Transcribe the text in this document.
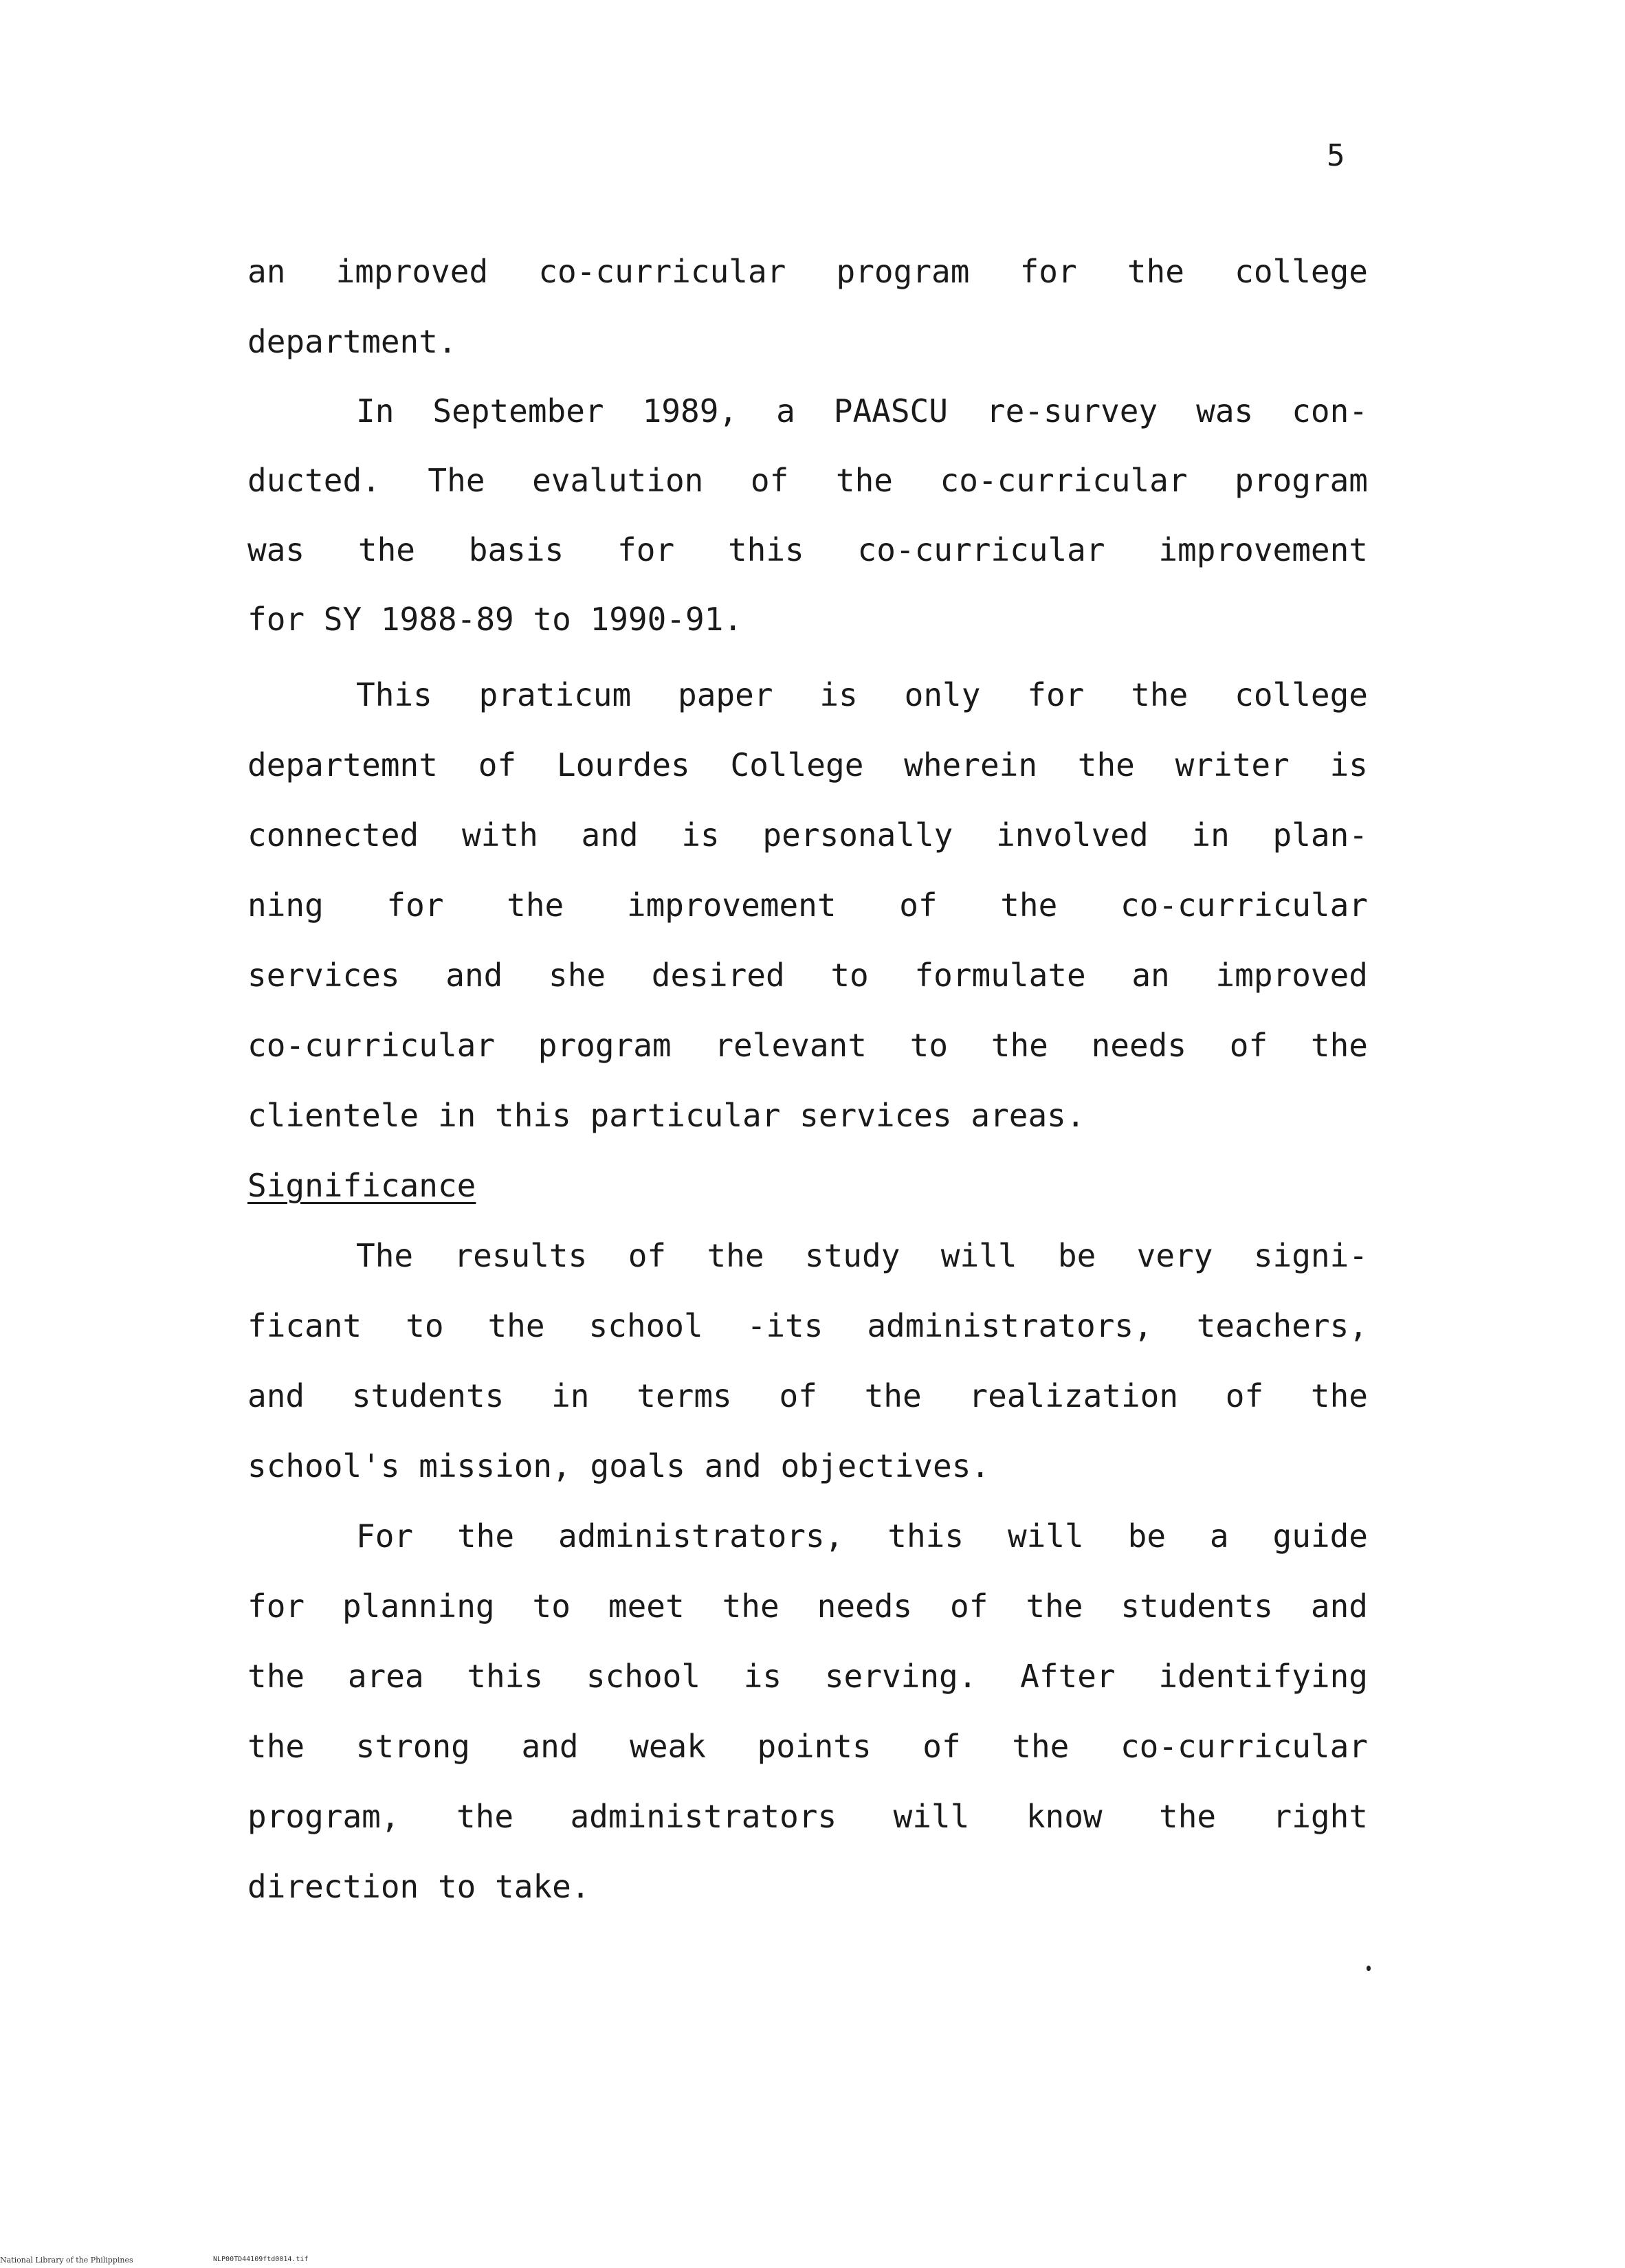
5
an improved co-curricular program for the college
department.
In September 1989, a PAASCU re-survey was con-
ducted. The evalution of the co-curricular program
was the basis for this co-curricular improvement
for SY 1988-89 to 1990-91.
This praticum paper is only for the college
departemnt of Lourdes College wherein the writer is
connected with and is personally involved in plan-
ning for the improvement of the co-curricular
services and she desired to formulate an improved
co-curricular program relevant to the needs of the
clientele in this particular services areas.
Significance
The results of the study will be very signi-
ficant to the school -its administrators, teachers,
and students in terms of the realization of the
school's mission, goals and objectives.
For the administrators, this will be a guide
for planning to meet the needs of the students and
the area this school is serving. After identifying
the strong and weak points of the co-curricular
program, the administrators will know the right
direction to take.
National Library of the Philippines	NLP00TD44109ftd0014.tif
